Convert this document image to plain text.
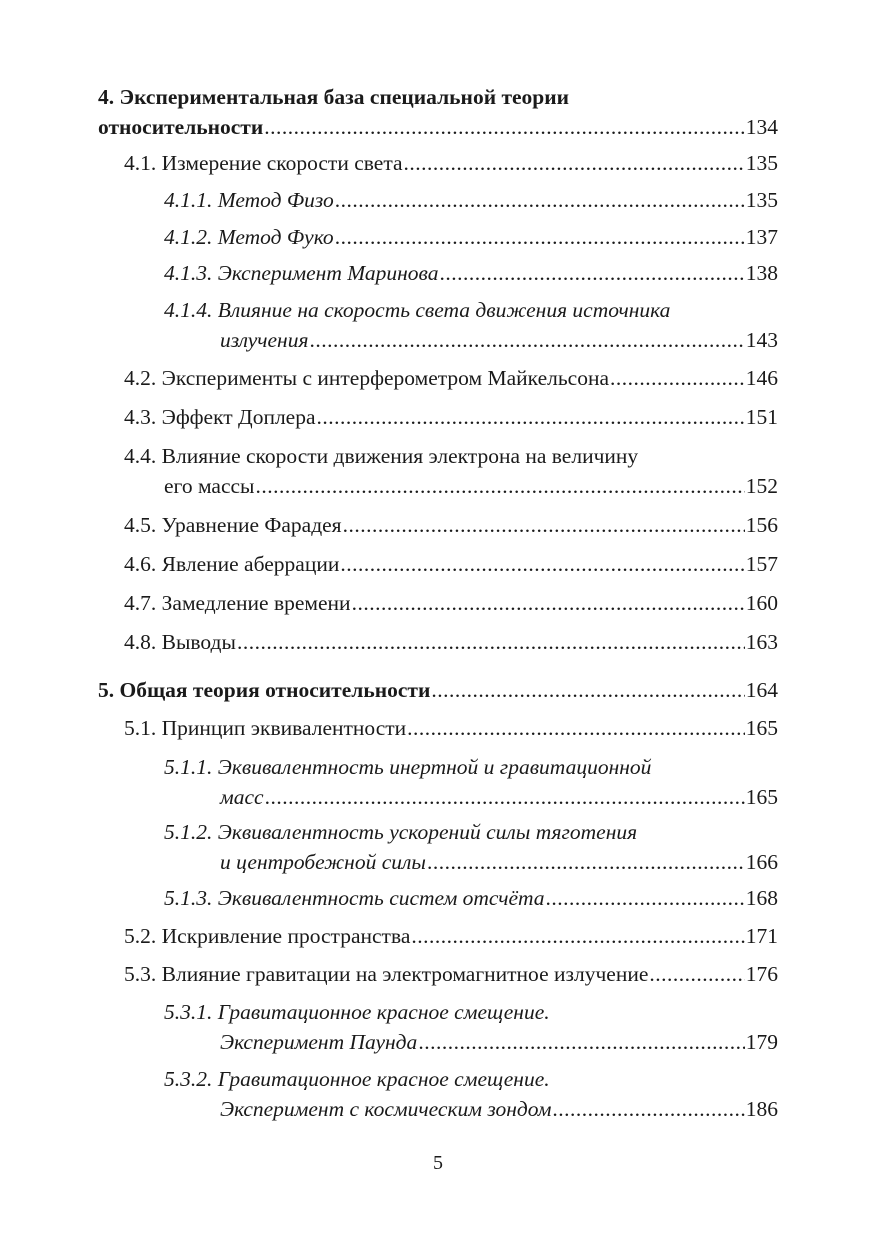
4. Экспериментальная база специальной теории
относительности .....	134
4.1. Измерение скорости света .....	135
4.1.1. Метод Физо .....	135
4.1.2. Метод Фуко .....	137
4.1.3. Эксперимент Маринова .....	138
4.1.4. Влияние на скорость света движения источника
излучения .....	143
4.2. Эксперименты с интерферометром Майкельсона .....	146
4.3. Эффект Доплера .....	151
4.4. Влияние скорости движения электрона на величину
его массы .....	152
4.5. Уравнение Фарадея .....	156
4.6. Явление аберрации .....	157
4.7. Замедление времени .....	160
4.8. Выводы .....	163
5. Общая теория относительности .....	164
5.1. Принцип эквивалентности .....	165
5.1.1. Эквивалентность инертной и гравитационной
масс .....	165
5.1.2. Эквивалентность ускорений силы тяготения
и центробежной силы .....	166
5.1.3. Эквивалентность систем отсчёта .....	168
5.2. Искривление пространства .....	171
5.3. Влияние гравитации на электромагнитное излучение .....	176
5.3.1. Гравитационное красное смещение.
Эксперимент Паунда .....	179
5.3.2. Гравитационное красное смещение.
Эксперимент с космическим зондом .....	186
5
